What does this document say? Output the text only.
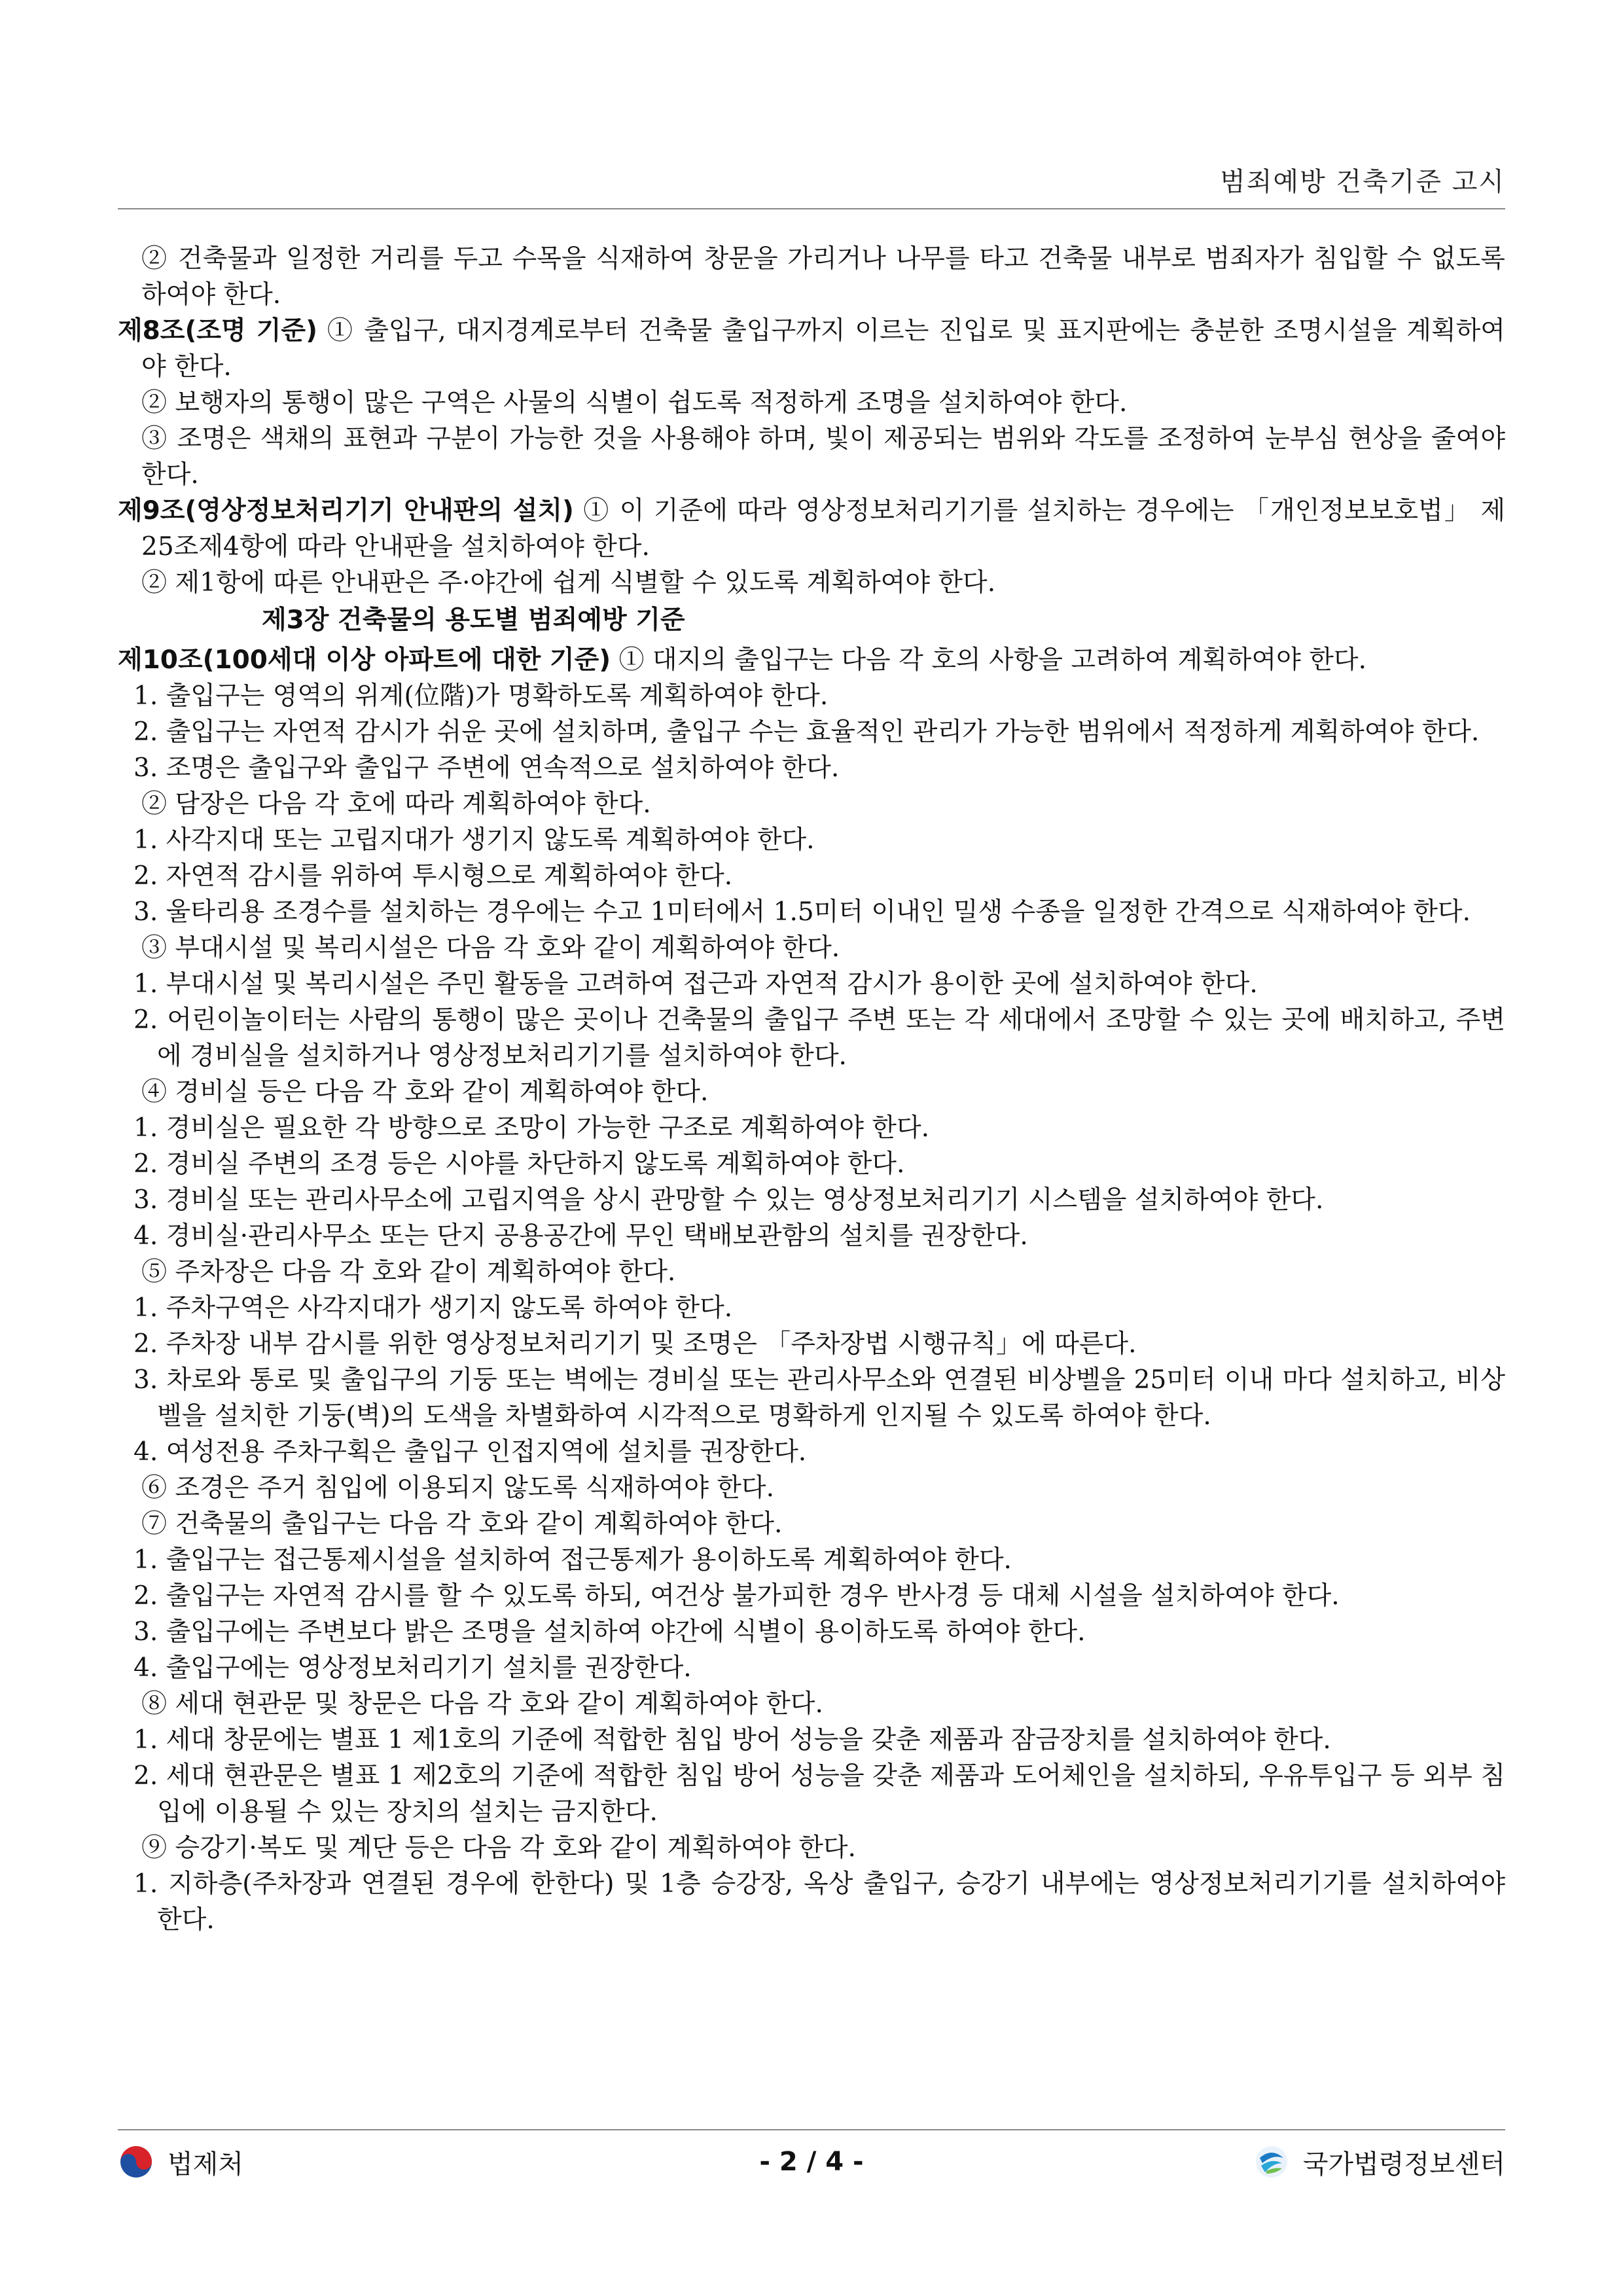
범죄예방 건축기준 고시

② 건축물과 일정한 거리를 두고 수목을 식재하여 창문을 가리거나 나무를 타고 건축물 내부로 범죄자가 침입할 수 없도록 하여야 한다.

제8조(조명 기준) ① 출입구, 대지경계로부터 건축물 출입구까지 이르는 진입로 및 표지판에는 충분한 조명시설을 계획하여야 한다.

② 보행자의 통행이 많은 구역은 사물의 식별이 쉽도록 적정하게 조명을 설치하여야 한다.

③ 조명은 색채의 표현과 구분이 가능한 것을 사용해야 하며, 빛이 제공되는 범위와 각도를 조정하여 눈부심 현상을 줄여야 한다.

제9조(영상정보처리기기 안내판의 설치) ① 이 기준에 따라 영상정보처리기기를 설치하는 경우에는 「개인정보보호법」 제25조제4항에 따라 안내판을 설치하여야 한다.

② 제1항에 따른 안내판은 주·야간에 쉽게 식별할 수 있도록 계획하여야 한다.

제3장 건축물의 용도별 범죄예방 기준

제10조(100세대 이상 아파트에 대한 기준) ① 대지의 출입구는 다음 각 호의 사항을 고려하여 계획하여야 한다.

1. 출입구는 영역의 위계(位階)가 명확하도록 계획하여야 한다.

2. 출입구는 자연적 감시가 쉬운 곳에 설치하며, 출입구 수는 효율적인 관리가 가능한 범위에서 적정하게 계획하여야 한다.

3. 조명은 출입구와 출입구 주변에 연속적으로 설치하여야 한다.

② 담장은 다음 각 호에 따라 계획하여야 한다.

1. 사각지대 또는 고립지대가 생기지 않도록 계획하여야 한다.

2. 자연적 감시를 위하여 투시형으로 계획하여야 한다.

3. 울타리용 조경수를 설치하는 경우에는 수고 1미터에서 1.5미터 이내인 밀생 수종을 일정한 간격으로 식재하여야 한다.

③ 부대시설 및 복리시설은 다음 각 호와 같이 계획하여야 한다.

1. 부대시설 및 복리시설은 주민 활동을 고려하여 접근과 자연적 감시가 용이한 곳에 설치하여야 한다.

2. 어린이놀이터는 사람의 통행이 많은 곳이나 건축물의 출입구 주변 또는 각 세대에서 조망할 수 있는 곳에 배치하고, 주변에 경비실을 설치하거나 영상정보처리기기를 설치하여야 한다.

④ 경비실 등은 다음 각 호와 같이 계획하여야 한다.

1. 경비실은 필요한 각 방향으로 조망이 가능한 구조로 계획하여야 한다.

2. 경비실 주변의 조경 등은 시야를 차단하지 않도록 계획하여야 한다.

3. 경비실 또는 관리사무소에 고립지역을 상시 관망할 수 있는 영상정보처리기기 시스템을 설치하여야 한다.

4. 경비실·관리사무소 또는 단지 공용공간에 무인 택배보관함의 설치를 권장한다.

⑤ 주차장은 다음 각 호와 같이 계획하여야 한다.

1. 주차구역은 사각지대가 생기지 않도록 하여야 한다.

2. 주차장 내부 감시를 위한 영상정보처리기기 및 조명은 「주차장법 시행규칙」에 따른다.

3. 차로와 통로 및 출입구의 기둥 또는 벽에는 경비실 또는 관리사무소와 연결된 비상벨을 25미터 이내 마다 설치하고, 비상벨을 설치한 기둥(벽)의 도색을 차별화하여 시각적으로 명확하게 인지될 수 있도록 하여야 한다.

4. 여성전용 주차구획은 출입구 인접지역에 설치를 권장한다.

⑥ 조경은 주거 침입에 이용되지 않도록 식재하여야 한다.

⑦ 건축물의 출입구는 다음 각 호와 같이 계획하여야 한다.

1. 출입구는 접근통제시설을 설치하여 접근통제가 용이하도록 계획하여야 한다.

2. 출입구는 자연적 감시를 할 수 있도록 하되, 여건상 불가피한 경우 반사경 등 대체 시설을 설치하여야 한다.

3. 출입구에는 주변보다 밝은 조명을 설치하여 야간에 식별이 용이하도록 하여야 한다.

4. 출입구에는 영상정보처리기기 설치를 권장한다.

⑧ 세대 현관문 및 창문은 다음 각 호와 같이 계획하여야 한다.

1. 세대 창문에는 별표 1 제1호의 기준에 적합한 침입 방어 성능을 갖춘 제품과 잠금장치를 설치하여야 한다.

2. 세대 현관문은 별표 1 제2호의 기준에 적합한 침입 방어 성능을 갖춘 제품과 도어체인을 설치하되, 우유투입구 등 외부 침입에 이용될 수 있는 장치의 설치는 금지한다.

⑨ 승강기·복도 및 계단 등은 다음 각 호와 같이 계획하여야 한다.

1. 지하층(주차장과 연결된 경우에 한한다) 및 1층 승강장, 옥상 출입구, 승강기 내부에는 영상정보처리기기를 설치하여야 한다.

법제처	- 2 / 4 -	국가법령정보센터
